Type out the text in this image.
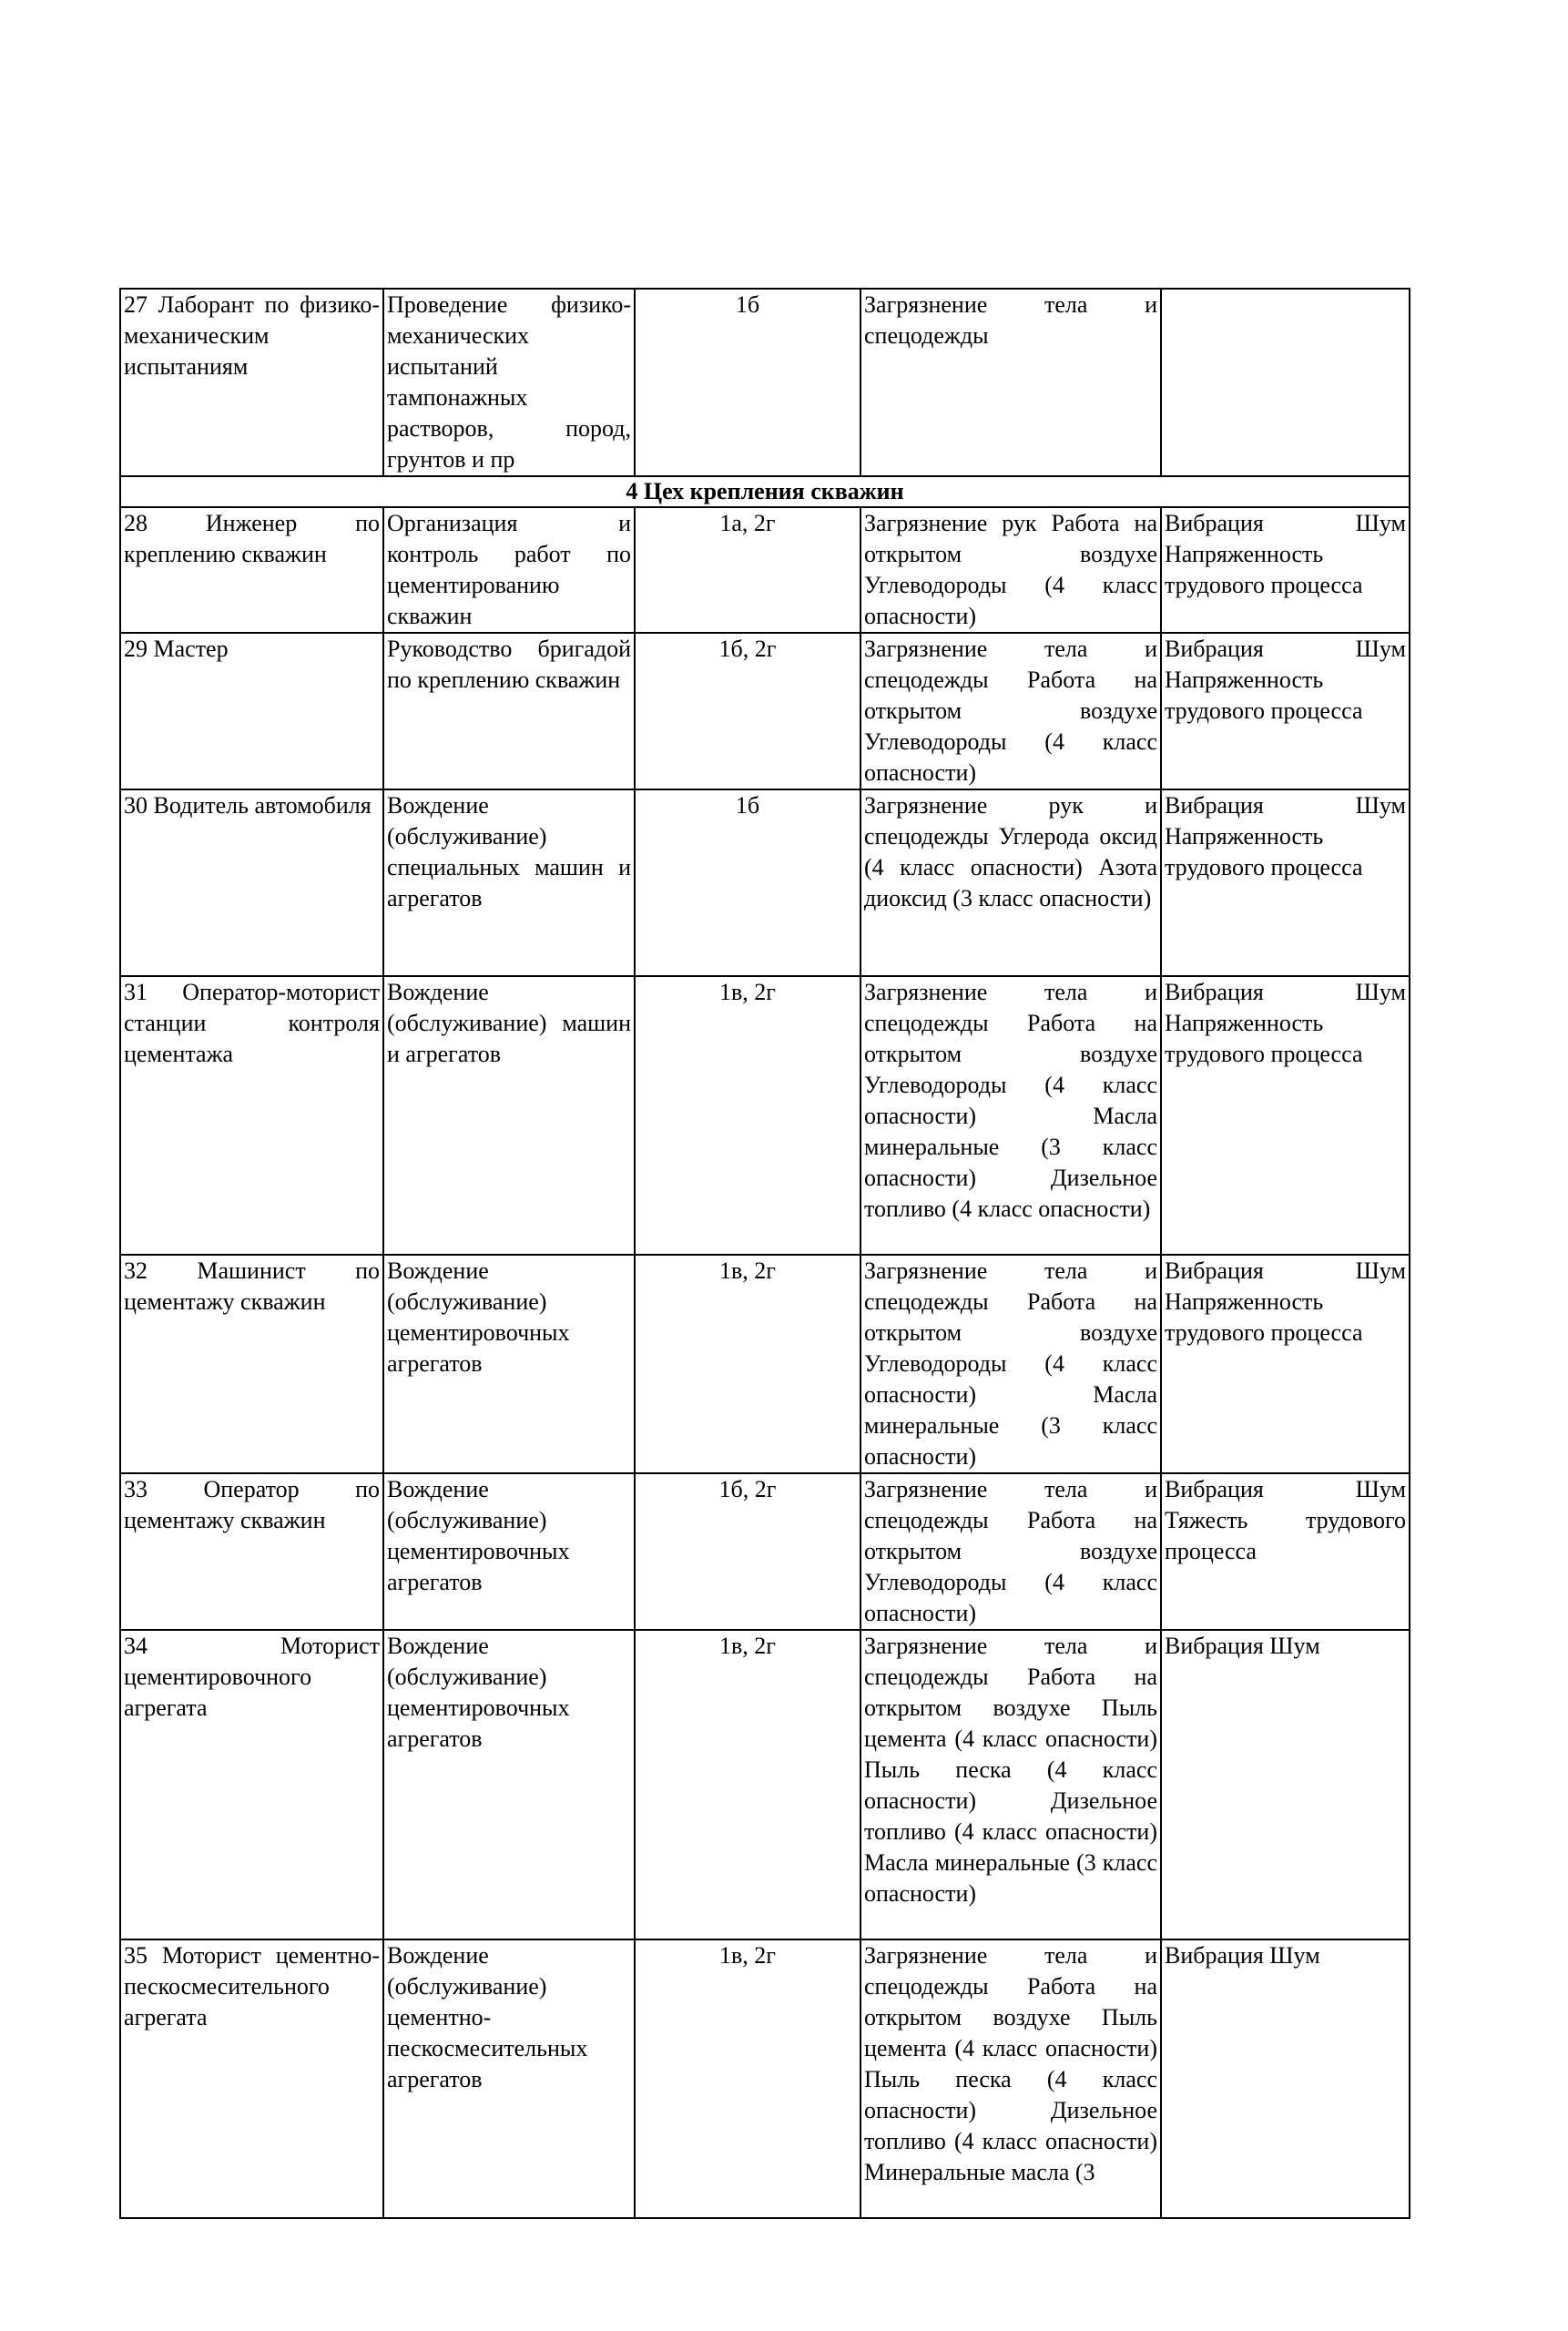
27 Лаборант по физико-механическим испытаниям	Проведение физико-механических испытаний тампонажных растворов, пород, грунтов и пр	1б	Загрязнение тела и спецодежды	
4 Цех крепления скважин				
28 Инженер по креплению скважин	Организация и контроль работ по цементированию скважин	1а, 2г	Загрязнение рук Работа на открытом воздухе Углеводороды (4 класс опасности)	Вибрация Шум Напряженность трудового процесса
29 Мастер	Руководство бригадой по креплению скважин	1б, 2г	Загрязнение тела и спецодежды Работа на открытом воздухе Углеводороды (4 класс опасности)	Вибрация Шум Напряженность трудового процесса
30 Водитель автомобиля	Вождение (обслуживание) специальных машин и агрегатов	1б	Загрязнение рук и спецодежды Углерода оксид (4 класс опасности) Азота диоксид (3 класс опасности)	Вибрация Шум Напряженность трудового процесса
31 Оператор-моторист станции контроля цементажа	Вождение (обслуживание) машин и агрегатов	1в, 2г	Загрязнение тела и спецодежды Работа на открытом воздухе Углеводороды (4 класс опасности) Масла минеральные (3 класс опасности) Дизельное топливо (4 класс опасности)	Вибрация Шум Напряженность трудового процесса
32 Машинист по цементажу скважин	Вождение (обслуживание) цементировочных агрегатов	1в, 2г	Загрязнение тела и спецодежды Работа на открытом воздухе Углеводороды (4 класс опасности) Масла минеральные (3 класс опасности)	Вибрация Шум Напряженность трудового процесса
33 Оператор по цементажу скважин	Вождение (обслуживание) цементировочных агрегатов	1б, 2г	Загрязнение тела и спецодежды Работа на открытом воздухе Углеводороды (4 класс опасности)	Вибрация Шум Тяжесть трудового процесса
34 Моторист цементировочного агрегата	Вождение (обслуживание) цементировочных агрегатов	1в, 2г	Загрязнение тела и спецодежды Работа на открытом воздухе Пыль цемента (4 класс опасности) Пыль песка (4 класс опасности) Дизельное топливо (4 класс опасности) Масла минеральные (3 класс опасности)	Вибрация Шум
35 Моторист цементно-пескосмесительного агрегата	Вождение (обслуживание) цементно-пескосмесительных агрегатов	1в, 2г	Загрязнение тела и спецодежды Работа на открытом воздухе Пыль цемента (4 класс опасности) Пыль песка (4 класс опасности) Дизельное топливо (4 класс опасности) Минеральные масла (3	Вибрация Шум
